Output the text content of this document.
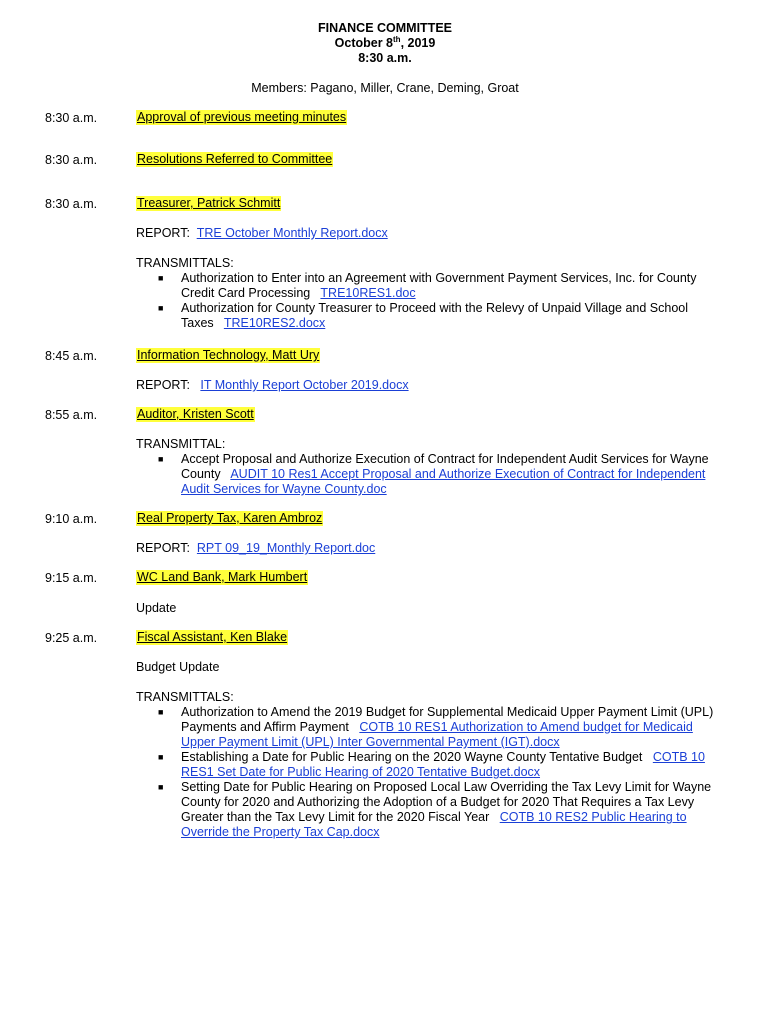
FINANCE COMMITTEE
October 8th, 2019
8:30 a.m.
Members: Pagano, Miller, Crane, Deming, Groat
8:30 a.m.	Approval of previous meeting minutes
8:30 a.m.	Resolutions Referred to Committee
8:30 a.m.	Treasurer, Patrick Schmitt
REPORT: TRE October Monthly Report.docx
TRANSMITTALS:
■ Authorization to Enter into an Agreement with Government Payment Services, Inc. for County
Credit Card Processing TRE10RES1.doc
■ Authorization for County Treasurer to Proceed with the Relevy of Unpaid Village and School
Taxes TRE10RES2.docx
8:45 a.m.	Information Technology, Matt Ury
REPORT: IT Monthly Report October 2019.docx
8:55 a.m.	Auditor, Kristen Scott
TRANSMITTAL:
■ Accept Proposal and Authorize Execution of Contract for Independent Audit Services for Wayne
County AUDIT 10 Res1 Accept Proposal and Authorize Execution of Contract for Independent
Audit Services for Wayne County.doc
9:10 a.m.	Real Property Tax, Karen Ambroz
REPORT: RPT 09_19_Monthly Report.doc
9:15 a.m.	WC Land Bank, Mark Humbert
Update
9:25 a.m.	Fiscal Assistant, Ken Blake
Budget Update
TRANSMITTALS:
■ Authorization to Amend the 2019 Budget for Supplemental Medicaid Upper Payment Limit (UPL)
Payments and Affirm Payment COTB 10 RES1 Authorization to Amend budget for Medicaid
Upper Payment Limit (UPL) Inter Governmental Payment (IGT).docx
■ Establishing a Date for Public Hearing on the 2020 Wayne County Tentative Budget COTB 10
RES1 Set Date for Public Hearing of 2020 Tentative Budget.docx
■ Setting Date for Public Hearing on Proposed Local Law Overriding the Tax Levy Limit for Wayne
County for 2020 and Authorizing the Adoption of a Budget for 2020 That Requires a Tax Levy
Greater than the Tax Levy Limit for the 2020 Fiscal Year COTB 10 RES2 Public Hearing to
Override the Property Tax Cap.docx
